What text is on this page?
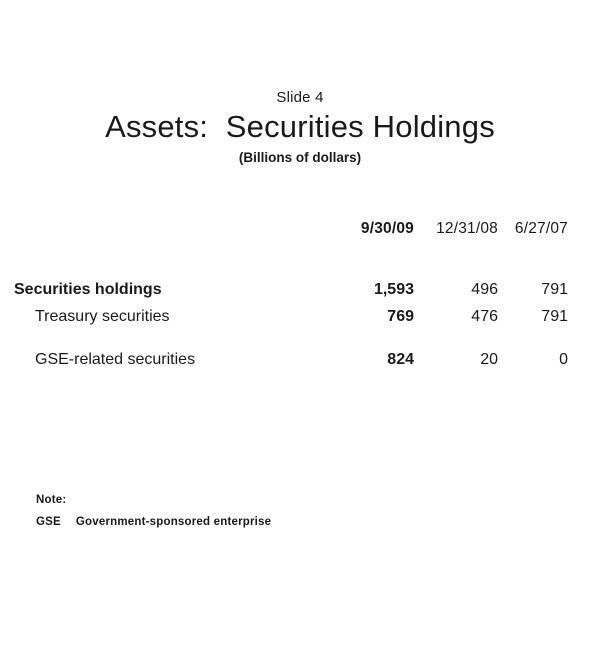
Slide 4
Assets:  Securities Holdings
(Billions of dollars)
	9/30/09	12/31/08	6/27/07

Securities holdings	1,593	496	791
Treasury securities	769	476	791

GSE-related securities	824	20	0
Note:
GSE Government-sponsored enterprise
